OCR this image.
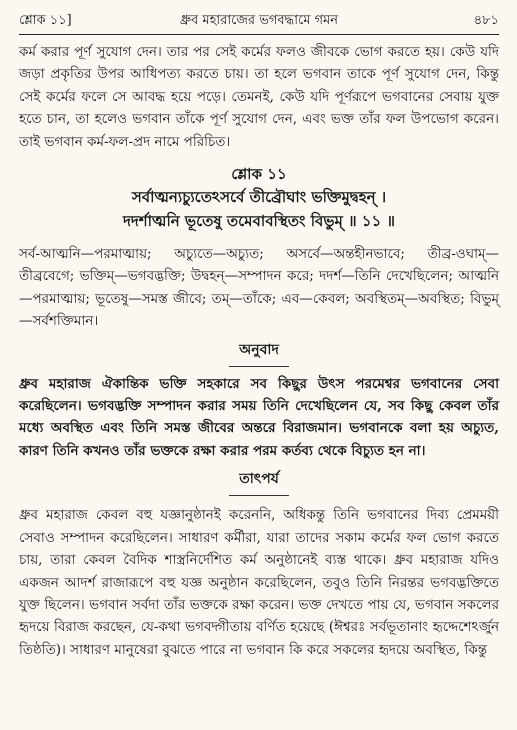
শ্লোক ১১]	ধ্রুব মহারাজের ভগবদ্ধামে গমন	৪৮১

কর্ম করার পূর্ণ সুযোগ দেন। তার পর সেই কর্মের ফলও জীবকে ভোগ করতে হয়। কেউ যদি জড়া প্রকৃতির উপর আধিপত্য করতে চায়। তা হলে ভগবান তাকে পূর্ণ সুযোগ দেন, কিন্তু সেই কর্মের ফলে সে আবদ্ধ হয়ে পড়ে। তেমনই, কেউ যদি পূর্ণরূপে ভগবানের সেবায় যুক্ত হতে চান, তা হলেও ভগবান তাঁকে পূর্ণ সুযোগ দেন, এবং ভক্ত তাঁর ফল উপভোগ করেন। তাই ভগবান কর্ম-ফল-প্রদ নামে পরিচিত।

শ্লোক ১১
সর্বাত্মন্যচ্যুতেঽসর্বে তীব্রৌঘাং ভক্তিমুদ্বহন্ ।
দদর্শাত্মনি ভূতেষু তমেবাবস্থিতং বিভুম্ ॥ ১১ ॥

সর্ব-আত্মনি—পরমাত্মায়; অচ্যুতে—অচ্যুত; অসর্বে—অন্তহীনভাবে; তীব্র-ওঘাম্—তীব্রবেগে; ভক্তিম্—ভগবদ্ভক্তি; উদ্বহন্—সম্পাদন করে; দদর্শ—তিনি দেখেছিলেন; আত্মনি—পরমাত্মায়; ভূতেষু—সমস্ত জীবে; তম্—তাঁকে; এব—কেবল; অবস্থিতম্—অবস্থিত; বিভুম্—সর্বশক্তিমান।

অনুবাদ

ধ্রুব মহারাজ ঐকান্তিক ভক্তি সহকারে সব কিছুর উৎস পরমেশ্বর ভগবানের সেবা করেছিলেন। ভগবদ্ভক্তি সম্পাদন করার সময় তিনি দেখেছিলেন যে, সব কিছু কেবল তাঁর মধ্যে অবস্থিত এবং তিনি সমস্ত জীবের অন্তরে বিরাজমান। ভগবানকে বলা হয় অচ্যুত, কারণ তিনি কখনও তাঁর ভক্তকে রক্ষা করার পরম কর্তব্য থেকে বিচ্যুত হন না।

তাৎপর্য

ধ্রুব মহারাজ কেবল বহু যজ্ঞানুষ্ঠানই করেননি, অধিকন্তু তিনি ভগবানের দিব্য প্রেমময়ী সেবাও সম্পাদন করেছিলেন। সাধারণ কর্মীরা, যারা তাদের সকাম কর্মের ফল ভোগ করতে চায়, তারা কেবল বৈদিক শাস্ত্রনির্দেশিত কর্ম অনুষ্ঠানেই ব্যস্ত থাকে। ধ্রুব মহারাজ যদিও একজন আদর্শ রাজারূপে বহু যজ্ঞ অনুষ্ঠান করেছিলেন, তবুও তিনি নিরন্তর ভগবদ্ভক্তিতে যুক্ত ছিলেন। ভগবান সর্বদা তাঁর ভক্তকে রক্ষা করেন। ভক্ত দেখতে পায় যে, ভগবান সকলের হৃদয়ে বিরাজ করছেন, যে-কথা ভগবদ্গীতায় বর্ণিত হয়েছে (ঈশ্বরঃ সর্বভূতানাং হৃদ্দেশেঽর্জুন তিষ্ঠতি)। সাধারণ মানুষেরা বুঝতে পারে না ভগবান কি করে সকলের হৃদয়ে অবস্থিত, কিন্তু
